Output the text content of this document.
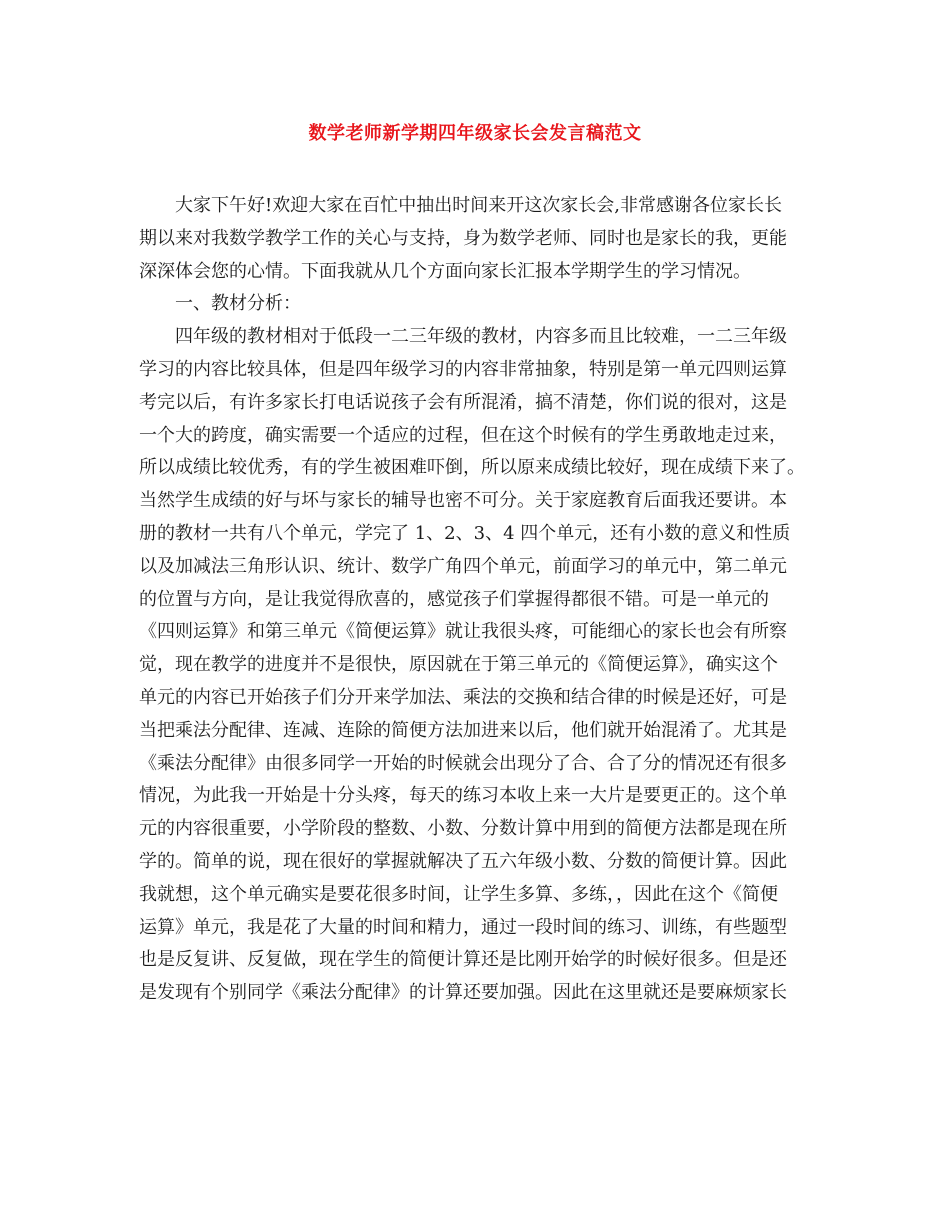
数学老师新学期四年级家长会发言稿范文
大家下午好!欢迎大家在百忙中抽出时间来开这次家长会,非常感谢各位家长长
期以来对我数学教学工作的关心与支持，身为数学老师、同时也是家长的我，更能
深深体会您的心情。下面我就从几个方面向家长汇报本学期学生的学习情况。
一、教材分析：
四年级的教材相对于低段一二三年级的教材，内容多而且比较难，一二三年级
学习的内容比较具体，但是四年级学习的内容非常抽象，特别是第一单元四则运算
考完以后，有许多家长打电话说孩子会有所混淆，搞不清楚，你们说的很对，这是
一个大的跨度，确实需要一个适应的过程，但在这个时候有的学生勇敢地走过来，
所以成绩比较优秀，有的学生被困难吓倒，所以原来成绩比较好，现在成绩下来了。
当然学生成绩的好与坏与家长的辅导也密不可分。关于家庭教育后面我还要讲。本
册的教材一共有八个单元，学完了 1、2、3、4 四个单元，还有小数的意义和性质
以及加减法三角形认识、统计、数学广角四个单元，前面学习的单元中，第二单元
的位置与方向，是让我觉得欣喜的，感觉孩子们掌握得都很不错。可是一单元的
《四则运算》和第三单元《简便运算》就让我很头疼，可能细心的家长也会有所察
觉，现在教学的进度并不是很快，原因就在于第三单元的《简便运算》，确实这个
单元的内容已开始孩子们分开来学加法、乘法的交换和结合律的时候是还好，可是
当把乘法分配律、连减、连除的简便方法加进来以后，他们就开始混淆了。尤其是
《乘法分配律》由很多同学一开始的时候就会出现分了合、合了分的情况还有很多
情况，为此我一开始是十分头疼，每天的练习本收上来一大片是要更正的。这个单
元的内容很重要，小学阶段的整数、小数、分数计算中用到的简便方法都是现在所
学的。简单的说，现在很好的掌握就解决了五六年级小数、分数的简便计算。因此
我就想，这个单元确实是要花很多时间，让学生多算、多练，，因此在这个《简便
运算》单元，我是花了大量的时间和精力，通过一段时间的练习、训练，有些题型
也是反复讲、反复做，现在学生的简便计算还是比刚开始学的时候好很多。但是还
是发现有个别同学《乘法分配律》的计算还要加强。因此在这里就还是要麻烦家长
